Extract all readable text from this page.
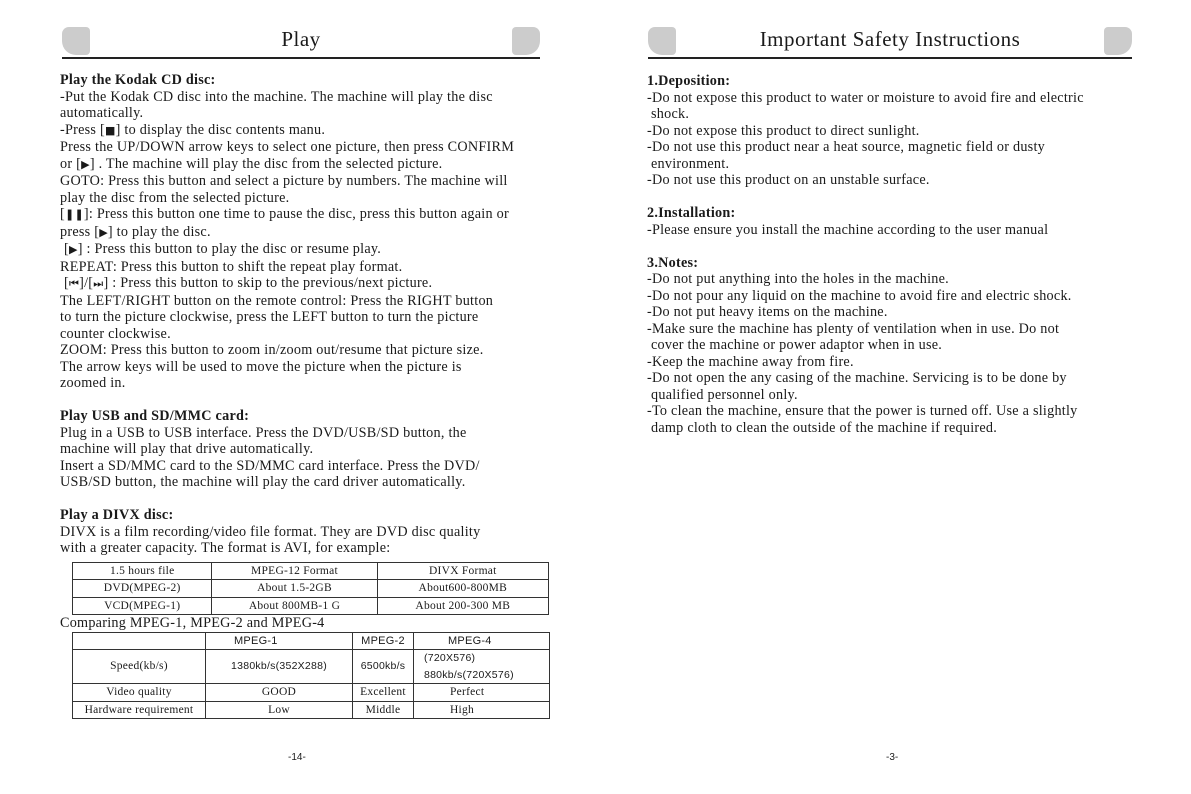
Play

Play the Kodak CD disc:

-Put the Kodak CD disc into the machine. The machine will play the disc

automatically.

-Press [■] to display the disc contents manu.

Press the UP/DOWN arrow keys to select one picture, then press CONFIRM

or [▶] . The machine will play the disc from the selected picture.

GOTO: Press this button and select a picture by numbers. The machine will

play the disc from the selected picture.

[❚❚]: Press this button one time to pause the disc, press this button again or

press [▶] to play the disc.

[▶] : Press this button to play the disc or resume play.

REPEAT: Press this button to shift the repeat play format.

[⏮]/[⏭] : Press this button to skip to the previous/next picture.

The LEFT/RIGHT button on the remote control: Press the RIGHT button

to turn the picture clockwise, press the LEFT button to turn the picture

counter clockwise.

ZOOM: Press this button to zoom in/zoom out/resume that picture size.

The arrow keys will be used to move the picture when the picture is

zoomed in.

Play USB and SD/MMC card:

Plug in a USB to USB interface. Press the DVD/USB/SD button, the

machine will play that drive automatically.

Insert a SD/MMC card to the SD/MMC card interface. Press the DVD/

USB/SD button, the machine will play the card driver automatically.

Play a DIVX disc:

DIVX is a film recording/video file format. They are DVD disc quality

with a greater capacity. The format is AVI, for example:

1.5 hours file	MPEG-12 Format	DIVX Format
DVD(MPEG-2)	About 1.5-2GB	About600-800MB
VCD(MPEG-1)	About 800MB-1 G	About 200-300 MB

Comparing MPEG-1, MPEG-2 and MPEG-4

	MPEG-1	MPEG-2	MPEG-4
Speed(kb/s)	1380kb/s(352X288)	6500kb/s	(720X576) 880kb/s(720X576)
Video quality	GOOD	Excellent	Perfect
Hardware requirement	Low	Middle	High
-14-
Important Safety Instructions

1.Deposition:

-Do not expose this product to water or moisture to avoid fire and electric

shock.

-Do not expose this product to direct sunlight.

-Do not use this product near a heat source, magnetic field or dusty

environment.

-Do not use this product on an unstable surface.

2.Installation:

-Please ensure you install the machine according to the user manual

3.Notes:

-Do not put anything into the holes in the machine.

-Do not pour any liquid on the machine to avoid fire and electric shock.

-Do not put heavy items on the machine.

-Make sure the machine has plenty of ventilation when in use. Do not

cover the machine or power adaptor when in use.

-Keep the machine away from fire.

-Do not open the any casing of the machine. Servicing is to be done by

qualified personnel only.

-To clean the machine, ensure that the power is turned off. Use a slightly

damp cloth to clean the outside of the machine if required.

-3-
